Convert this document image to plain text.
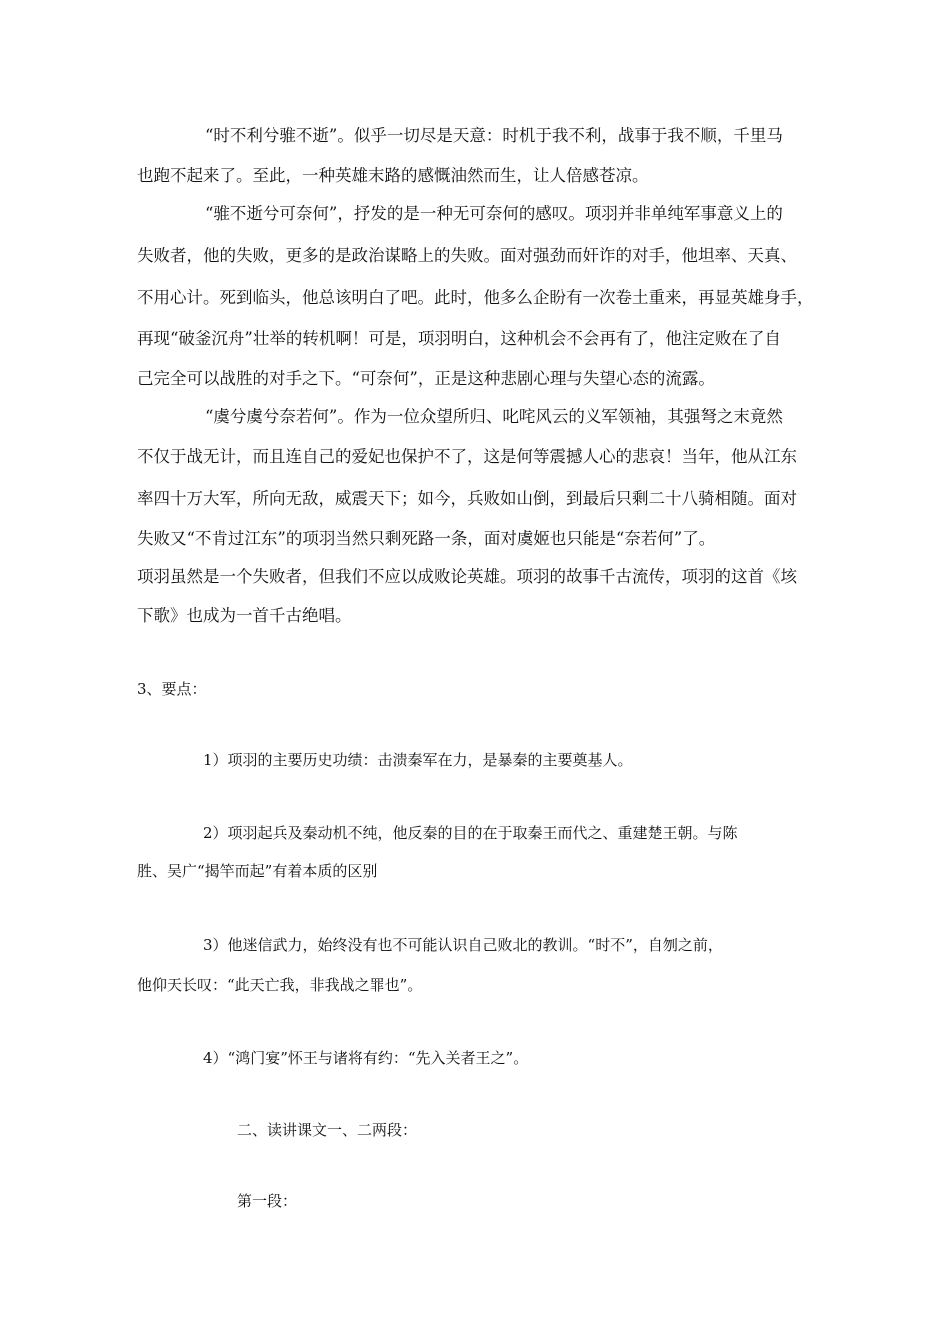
“时不利兮骓不逝”。似乎一切尽是天意：时机于我不利，战事于我不顺，千里马

也跑不起来了。至此，一种英雄末路的感慨油然而生，让人倍感苍凉。

“骓不逝兮可奈何”，抒发的是一种无可奈何的感叹。项羽并非单纯军事意义上的

失败者，他的失败，更多的是政治谋略上的失败。面对强劲而奸诈的对手，他坦率、天真、

不用心计。死到临头，他总该明白了吧。此时，他多么企盼有一次卷土重来，再显英雄身手，

再现“破釜沉舟”壮举的转机啊！可是，项羽明白，这种机会不会再有了，他注定败在了自

己完全可以战胜的对手之下。“可奈何”，正是这种悲剧心理与失望心态的流露。

“虞兮虞兮奈若何”。作为一位众望所归、叱咤风云的义军领袖，其强弩之末竟然

不仅于战无计，而且连自己的爱妃也保护不了，这是何等震撼人心的悲哀！当年，他从江东

率四十万大军，所向无敌，威震天下；如今，兵败如山倒，到最后只剩二十八骑相随。面对

失败又“不肯过江东”的项羽当然只剩死路一条，面对虞姬也只能是“奈若何”了。

项羽虽然是一个失败者，但我们不应以成败论英雄。项羽的故事千古流传，项羽的这首《垓

下歌》也成为一首千古绝唱。

3、要点：

1）项羽的主要历史功绩：击溃秦军在力，是暴秦的主要奠基人。

2）项羽起兵及秦动机不纯，他反秦的目的在于取秦王而代之、重建楚王朝。与陈

胜、吴广“揭竿而起”有着本质的区别

3）他迷信武力，始终没有也不可能认识自己败北的教训。“时不”，自刎之前，

他仰天长叹：“此天亡我，非我战之罪也”。

4）“鸿门宴”怀王与诸将有约：“先入关者王之”。

二、读讲课文一、二两段：

第一段：
